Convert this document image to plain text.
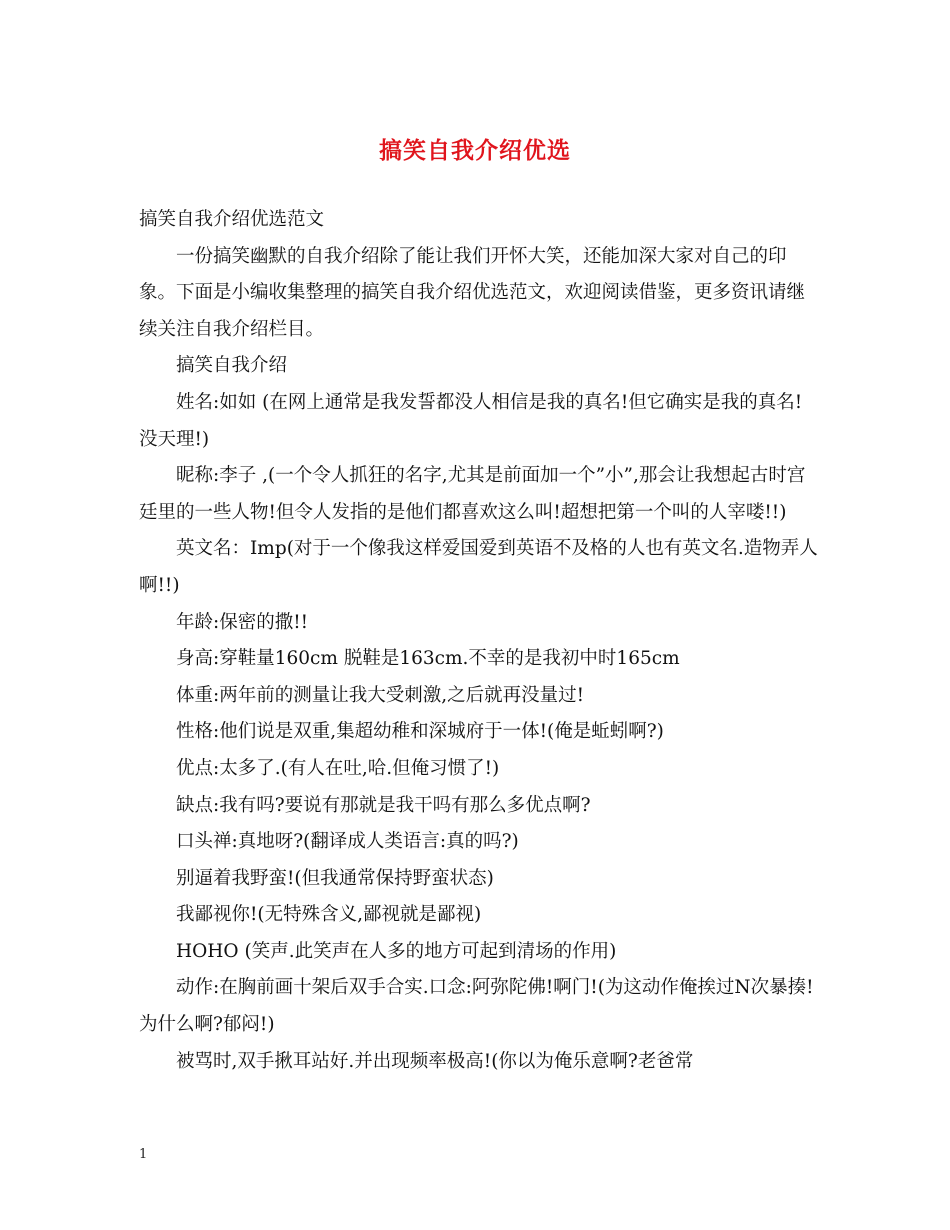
搞笑自我介绍优选

搞笑自我介绍优选范文

一份搞笑幽默的自我介绍除了能让我们开怀大笑，还能加深大家对自己的印象。下面是小编收集整理的搞笑自我介绍优选范文，欢迎阅读借鉴，更多资讯请继续关注自我介绍栏目。

搞笑自我介绍

姓名:如如 (在网上通常是我发誓都没人相信是我的真名!但它确实是我的真名!没天理!)

昵称:李子 ,(一个令人抓狂的名字,尤其是前面加一个”小”,那会让我想起古时宫廷里的一些人物!但令人发指的是他们都喜欢这么叫!超想把第一个叫的人宰喽!!)

英文名：Imp(对于一个像我这样爱国爱到英语不及格的人也有英文名.造物弄人啊!!)

年龄:保密的撒!!

身高:穿鞋量160cm 脱鞋是163cm.不幸的是我初中时165cm

体重:两年前的测量让我大受刺激,之后就再没量过!

性格:他们说是双重,集超幼稚和深城府于一体!(俺是蚯蚓啊?)

优点:太多了.(有人在吐,哈.但俺习惯了!)

缺点:我有吗?要说有那就是我干吗有那么多优点啊?

口头禅:真地呀?(翻译成人类语言:真的吗?)

别逼着我野蛮!(但我通常保持野蛮状态)

我鄙视你!(无特殊含义,鄙视就是鄙视)

HOHO (笑声.此笑声在人多的地方可起到清场的作用)

动作:在胸前画十架后双手合实.口念:阿弥陀佛!啊门!(为这动作俺挨过N次暴揍!为什么啊?郁闷!)

被骂时,双手揪耳站好.并出现频率极高!(你以为俺乐意啊?老爸常

1
